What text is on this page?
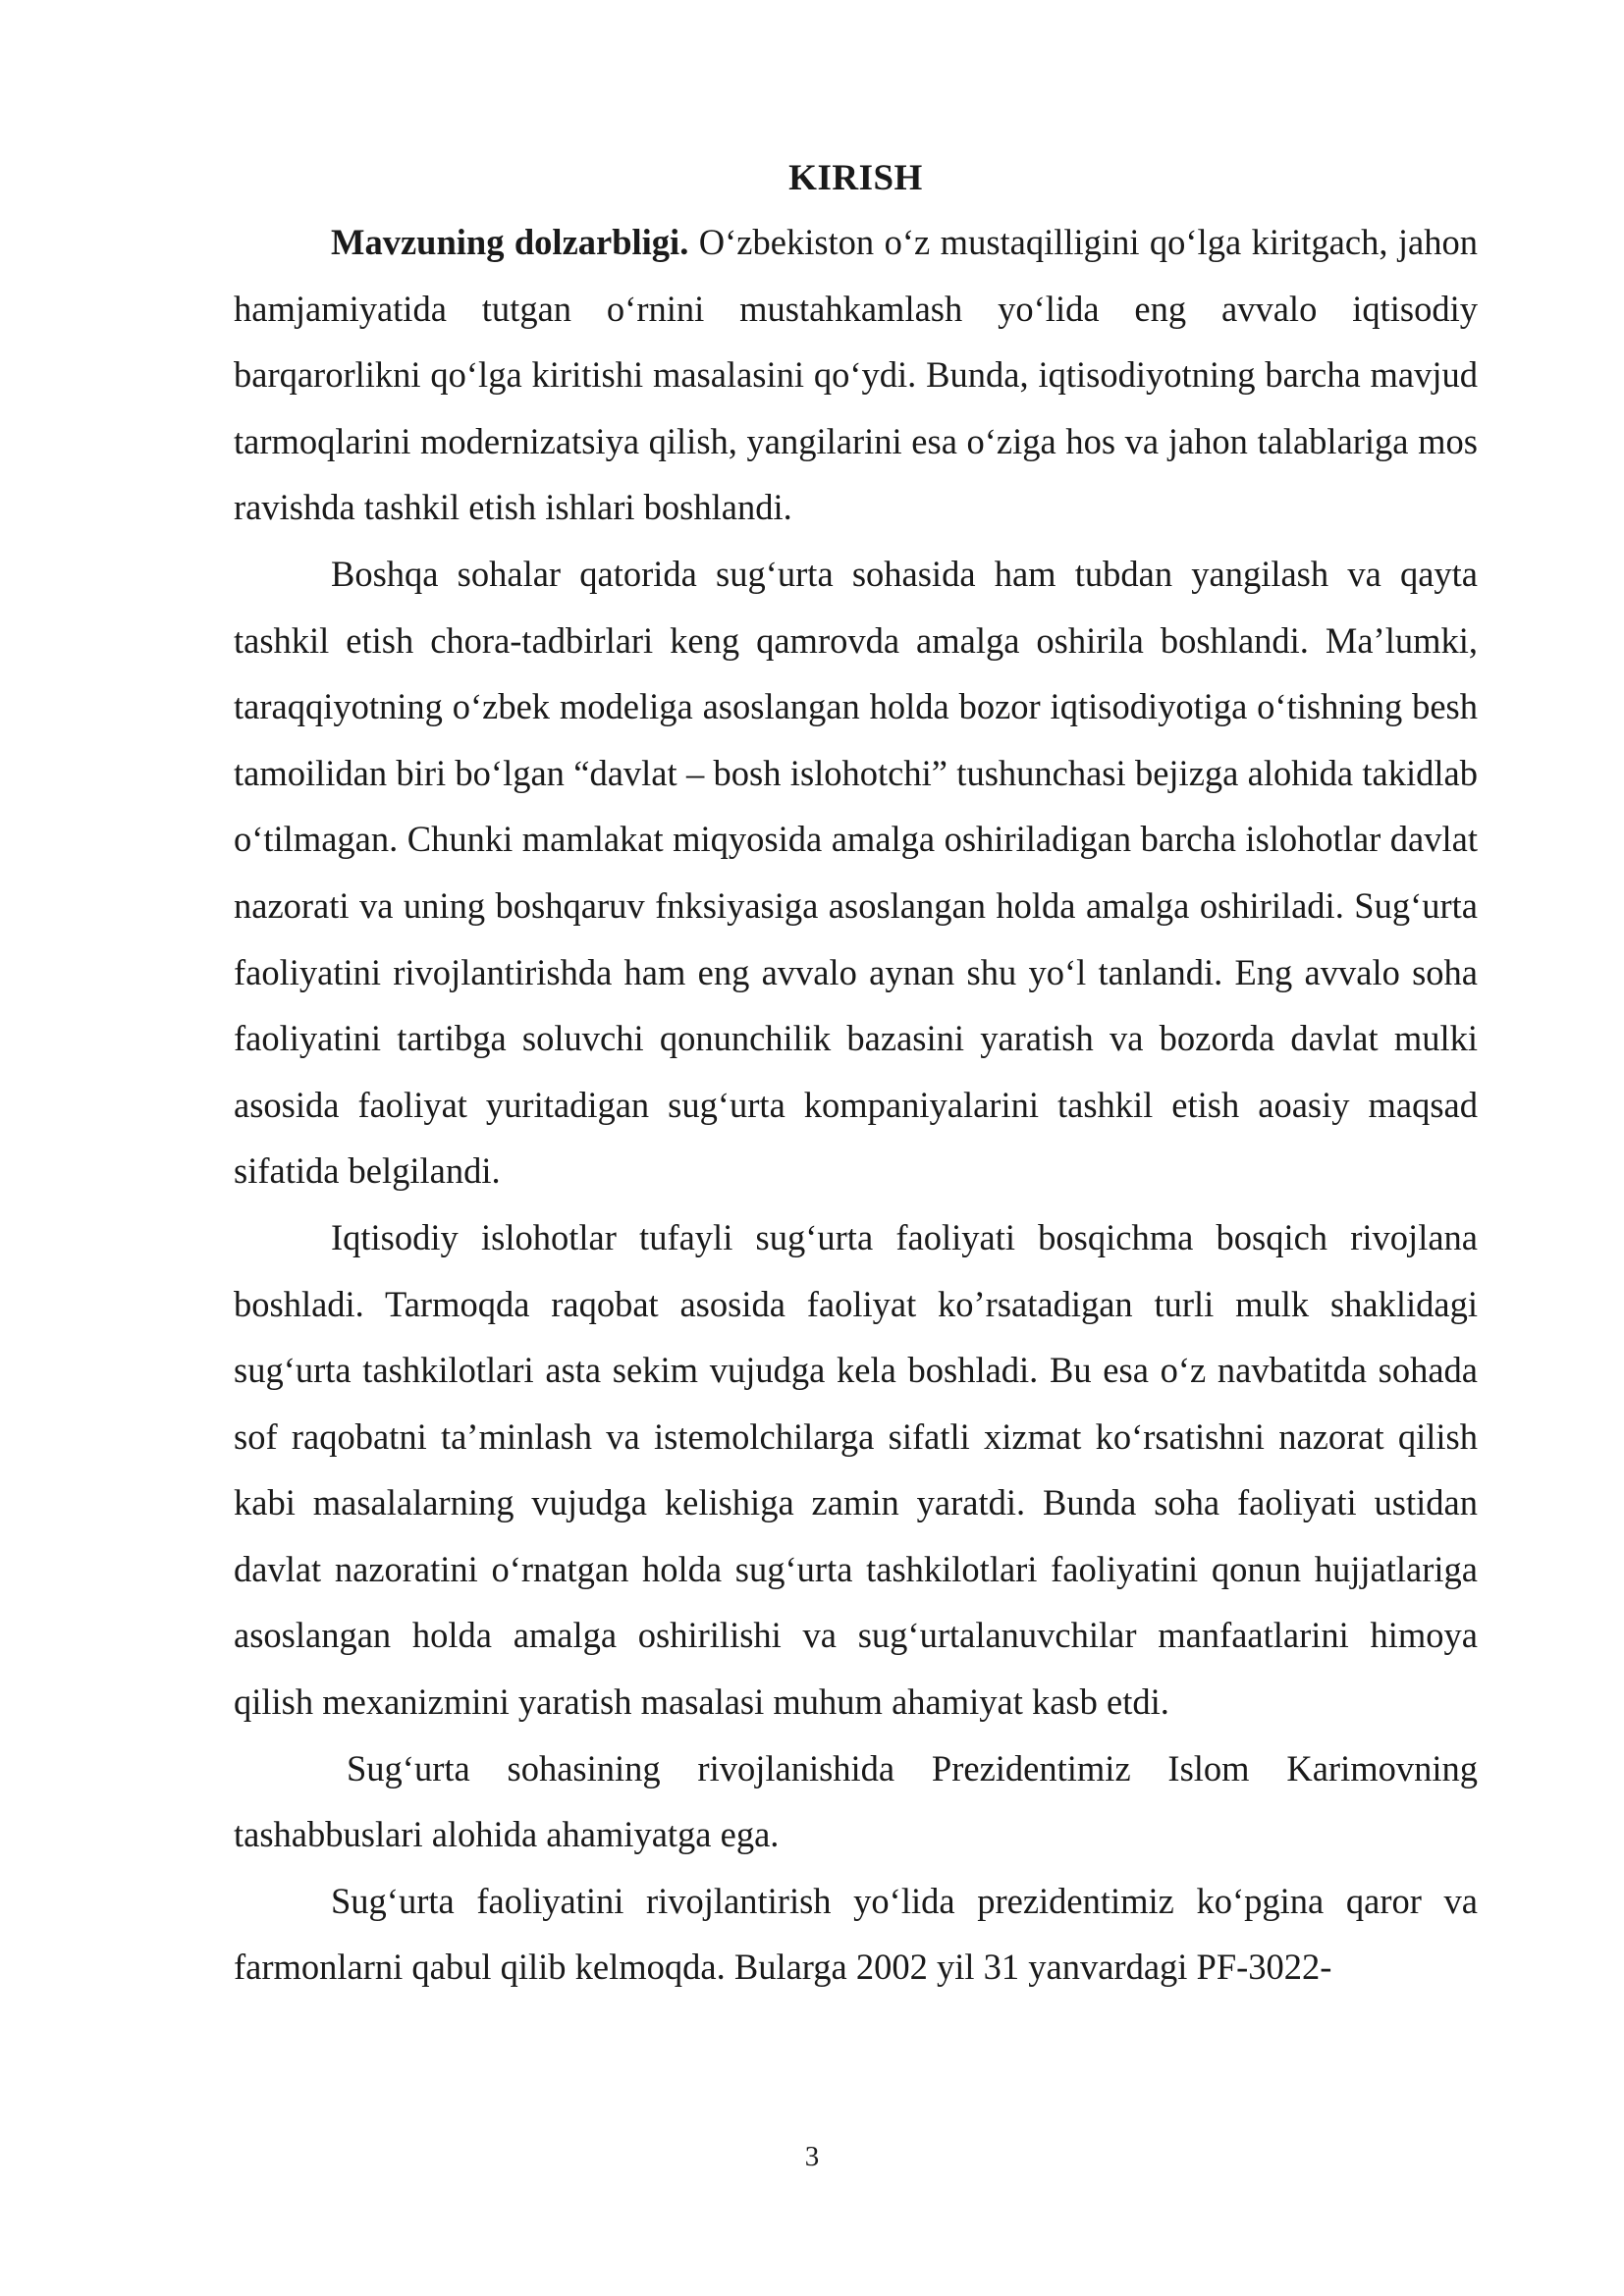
KIRISH

Mavzuning dolzarbligi. O‘zbekiston o‘z mustaqilligini qo‘lga kiritgach, jahon hamjamiyatida tutgan o‘rnini mustahkamlash yo‘lida eng avvalo iqtisodiy barqarorlikni qo‘lga kiritishi masalasini qo‘ydi. Bunda, iqtisodiyotning barcha mavjud tarmoqlarini modernizatsiya qilish, yangilarini esa o‘ziga hos va jahon talablariga mos ravishda tashkil etish ishlari boshlandi.

Boshqa sohalar qatorida sug‘urta sohasida ham tubdan yangilash va qayta tashkil etish chora-tadbirlari keng qamrovda amalga oshirila boshlandi. Ma’lumki, taraqqiyotning o‘zbek modeliga asoslangan holda bozor iqtisodiyotiga o‘tishning besh tamoilidan biri bo‘lgan “davlat – bosh islohotchi” tushunchasi bejizga alohida takidlab o‘tilmagan. Chunki mamlakat miqyosida amalga oshiriladigan barcha islohotlar davlat nazorati va uning boshqaruv fnksiyasiga asoslangan holda amalga oshiriladi. Sug‘urta faoliyatini rivojlantirishda ham eng avvalo aynan shu yo‘l tanlandi. Eng avvalo soha faoliyatini tartibga soluvchi qonunchilik bazasini yaratish va bozorda davlat mulki asosida faoliyat yuritadigan sug‘urta kompaniyalarini tashkil etish aoasiy maqsad sifatida belgilandi.

Iqtisodiy islohotlar tufayli sug‘urta faoliyati bosqichma bosqich rivojlana boshladi. Tarmoqda raqobat asosida faoliyat ko’rsatadigan turli mulk shaklidagi sug‘urta tashkilotlari asta sekim vujudga kela boshladi. Bu esa o‘z navbatitda sohada sof raqobatni ta’minlash va istemolchilarga sifatli xizmat ko‘rsatishni nazorat qilish kabi masalalarning vujudga kelishiga zamin yaratdi. Bunda soha faoliyati ustidan davlat nazoratini o‘rnatgan holda sug‘urta tashkilotlari faoliyatini qonun hujjatlariga asoslangan holda amalga oshirilishi va sug‘urtalanuvchilar manfaatlarini himoya qilish mexanizmini yaratish masalasi muhum ahamiyat kasb etdi.

Sug‘urta sohasining rivojlanishida Prezidentimiz Islom Karimovning tashabbuslari alohida ahamiyatga ega.

Sug‘urta faoliyatini rivojlantirish yo‘lida prezidentimiz ko‘pgina qaror va farmonlarni qabul qilib kelmoqda. Bularga 2002 yil 31 yanvardagi PF-3022-

3
